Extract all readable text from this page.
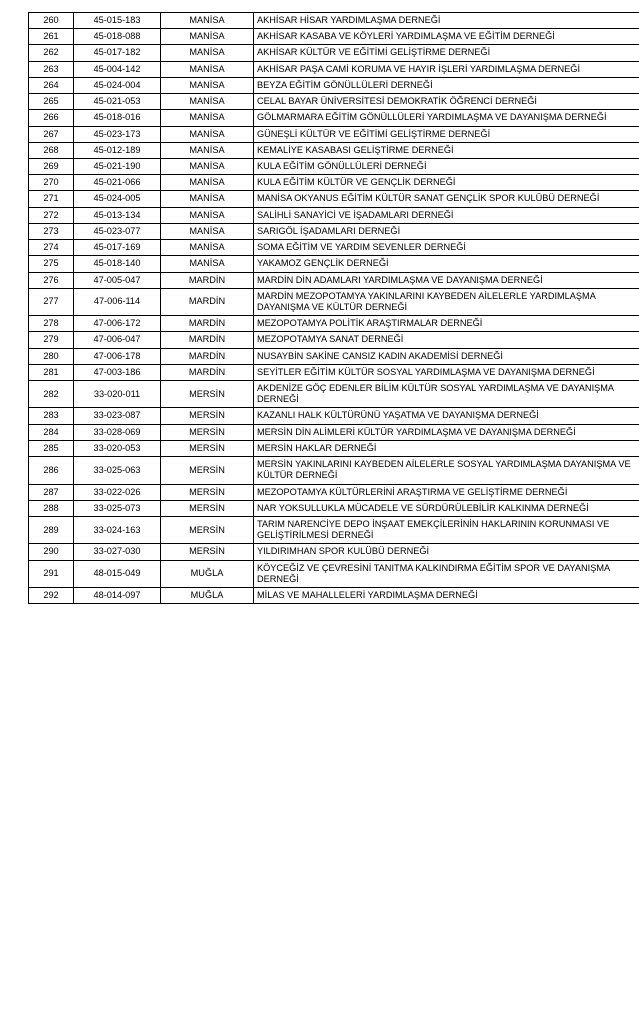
260	45-015-183	MANİSA	AKHİSAR HİSAR YARDIMLAŞMA DERNEĞİ
261	45-018-088	MANİSA	AKHİSAR KASABA VE KÖYLERİ YARDIMLAŞMA VE EĞİTİM DERNEĞİ
262	45-017-182	MANİSA	AKHİSAR KÜLTÜR VE EĞİTİMİ GELİŞTİRME DERNEĞİ
263	45-004-142	MANİSA	AKHİSAR PAŞA CAMİ KORUMA VE HAYIR İŞLERİ YARDIMLAŞMA DERNEĞİ
264	45-024-004	MANİSA	BEYZA EĞİTİM GÖNÜLLÜLERİ DERNEĞİ
265	45-021-053	MANİSA	CELAL BAYAR ÜNİVERSİTESİ DEMOKRATİK ÖĞRENCİ DERNEĞİ
266	45-018-016	MANİSA	GÖLMARMARA EĞİTİM GÖNÜLLÜLERİ YARDIMLAŞMA VE DAYANIŞMA DERNEĞİ
267	45-023-173	MANİSA	GÜNEŞLİ KÜLTÜR VE EĞİTİMİ GELİŞTİRME DERNEĞİ
268	45-012-189	MANİSA	KEMALİYE KASABASI GELİŞTİRME DERNEĞİ
269	45-021-190	MANİSA	KULA EĞİTİM GÖNÜLLÜLERİ DERNEĞİ
270	45-021-066	MANİSA	KULA EĞİTİM KÜLTÜR VE GENÇLİK DERNEĞİ
271	45-024-005	MANİSA	MANİSA OKYANUS EĞİTİM KÜLTÜR SANAT GENÇLİK SPOR KULÜBÜ DERNEĞİ
272	45-013-134	MANİSA	SALİHLİ SANAYİCİ VE İŞADAMLARI DERNEĞİ
273	45-023-077	MANİSA	SARIGÖL İŞADAMLARI DERNEĞİ
274	45-017-169	MANİSA	SOMA EĞİTİM VE YARDIM SEVENLER DERNEĞİ
275	45-018-140	MANİSA	YAKAMOZ GENÇLİK DERNEĞİ
276	47-005-047	MARDİN	MARDİN DİN ADAMLARI YARDIMLAŞMA VE DAYANIŞMA DERNEĞİ
277	47-006-114	MARDİN	MARDİN MEZOPOTAMYA YAKINLARINI KAYBEDEN AİLELERLE YARDIMLAŞMA DAYANIŞMA VE KÜLTÜR DERNEĞİ
278	47-006-172	MARDİN	MEZOPOTAMYA POLİTİK ARAŞTIRMALAR DERNEĞİ
279	47-006-047	MARDİN	MEZOPOTAMYA SANAT DERNEĞİ
280	47-006-178	MARDİN	NUSAYBİN SAKİNE CANSIZ KADIN AKADEMİSİ DERNEĞİ
281	47-003-186	MARDİN	SEYİTLER EĞİTİM KÜLTÜR SOSYAL YARDIMLAŞMA VE DAYANIŞMA DERNEĞİ
282	33-020-011	MERSİN	AKDENİZE GÖÇ EDENLER BİLİM KÜLTÜR SOSYAL YARDIMLAŞMA VE DAYANIŞMA DERNEĞİ
283	33-023-087	MERSİN	KAZANLI HALK KÜLTÜRÜNÜ YAŞATMA VE DAYANIŞMA DERNEĞİ
284	33-028-069	MERSİN	MERSİN DİN ALİMLERİ KÜLTÜR YARDIMLAŞMA VE DAYANIŞMA DERNEĞİ
285	33-020-053	MERSİN	MERSİN HAKLAR DERNEĞİ
286	33-025-063	MERSİN	MERSİN YAKINLARINI KAYBEDEN AİLELERLE SOSYAL YARDIMLAŞMA DAYANIŞMA VE KÜLTÜR DERNEĞİ
287	33-022-026	MERSİN	MEZOPOTAMYA KÜLTÜRLERİNİ ARAŞTIRMA VE GELİŞTİRME DERNEĞİ
288	33-025-073	MERSİN	NAR YOKSULLUKLA MÜCADELE VE SÜRDÜRÜLEBİLİR KALKINMA DERNEĞİ
289	33-024-163	MERSİN	TARIM NARENCİYE DEPO İNŞAAT EMEKÇİLERİNİN HAKLARININ KORUNMASI VE GELİŞTİRİLMESİ DERNEĞİ
290	33-027-030	MERSİN	YILDIRIMHAN SPOR KULÜBÜ DERNEĞİ
291	48-015-049	MUĞLA	KÖYCEĞİZ VE ÇEVRESİNİ TANITMA KALKINDIRMA EĞİTİM SPOR VE DAYANIŞMA DERNEĞİ
292	48-014-097	MUĞLA	MİLAS VE MAHALLELERİ YARDIMLAŞMA DERNEĞİ
